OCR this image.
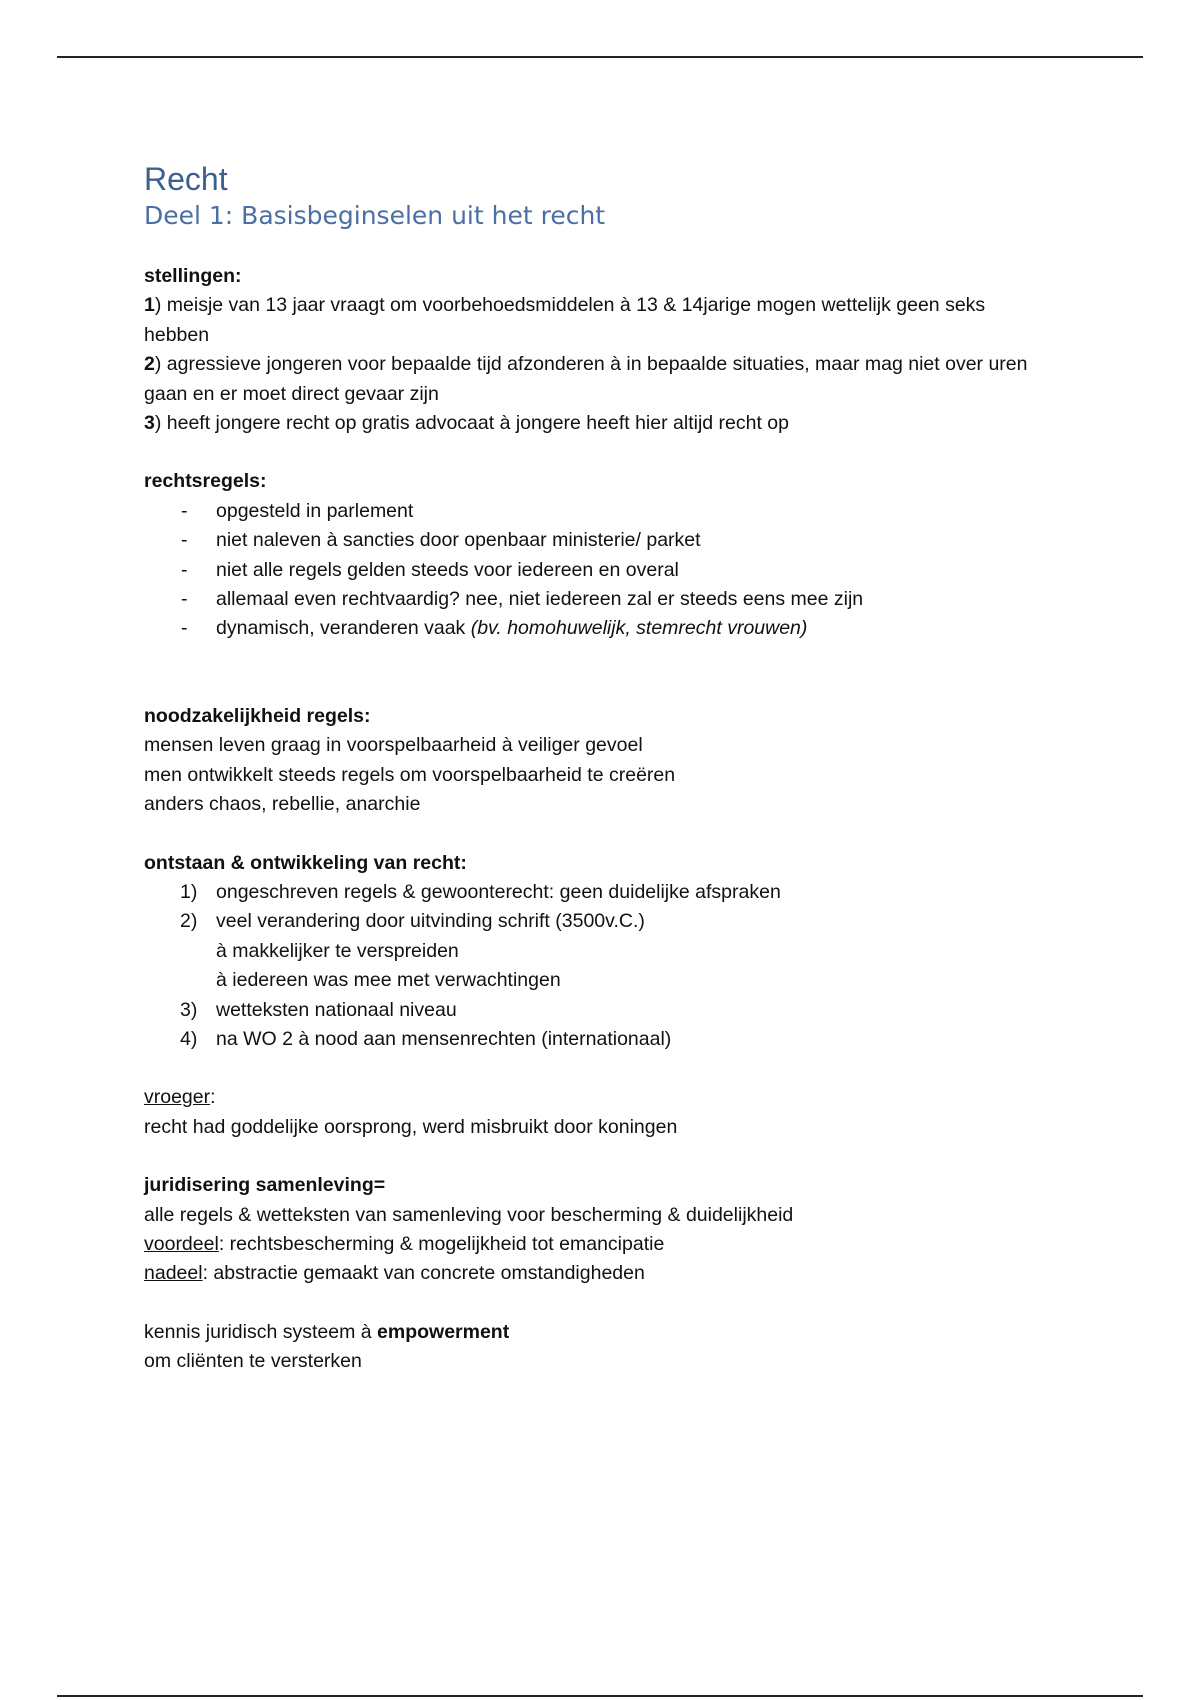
Recht
Deel 1: Basisbeginselen uit het recht

stellingen:

1) meisje van 13 jaar vraagt om voorbehoedsmiddelen à 13 & 14jarige mogen wettelijk geen seks hebben

2) agressieve jongeren voor bepaalde tijd afzonderen à in bepaalde situaties, maar mag niet over uren gaan en er moet direct gevaar zijn

3) heeft jongere recht op gratis advocaat à jongere heeft hier altijd recht op

rechtsregels:

- opgesteld in parlement
- niet naleven à sancties door openbaar ministerie/ parket
- niet alle regels gelden steeds voor iedereen en overal
- allemaal even rechtvaardig? nee, niet iedereen zal er steeds eens mee zijn
- dynamisch, veranderen vaak (bv. homohuwelijk, stemrecht vrouwen)

noodzakelijkheid regels:

mensen leven graag in voorspelbaarheid à veiliger gevoel

men ontwikkelt steeds regels om voorspelbaarheid te creëren

anders chaos, rebellie, anarchie

ontstaan & ontwikkeling van recht:

1) ongeschreven regels & gewoonterecht: geen duidelijke afspraken
2) veel verandering door uitvinding schrift (3500v.C.)

à makkelijker te verspreiden

à iedereen was mee met verwachtingen

3) wetteksten nationaal niveau
4) na WO 2 à nood aan mensenrechten (internationaal)

vroeger:

recht had goddelijke oorsprong, werd misbruikt door koningen

juridisering samenleving=

alle regels & wetteksten van samenleving voor bescherming & duidelijkheid

voordeel: rechtsbescherming & mogelijkheid tot emancipatie

nadeel: abstractie gemaakt van concrete omstandigheden

kennis juridisch systeem à empowerment

om cliënten te versterken
